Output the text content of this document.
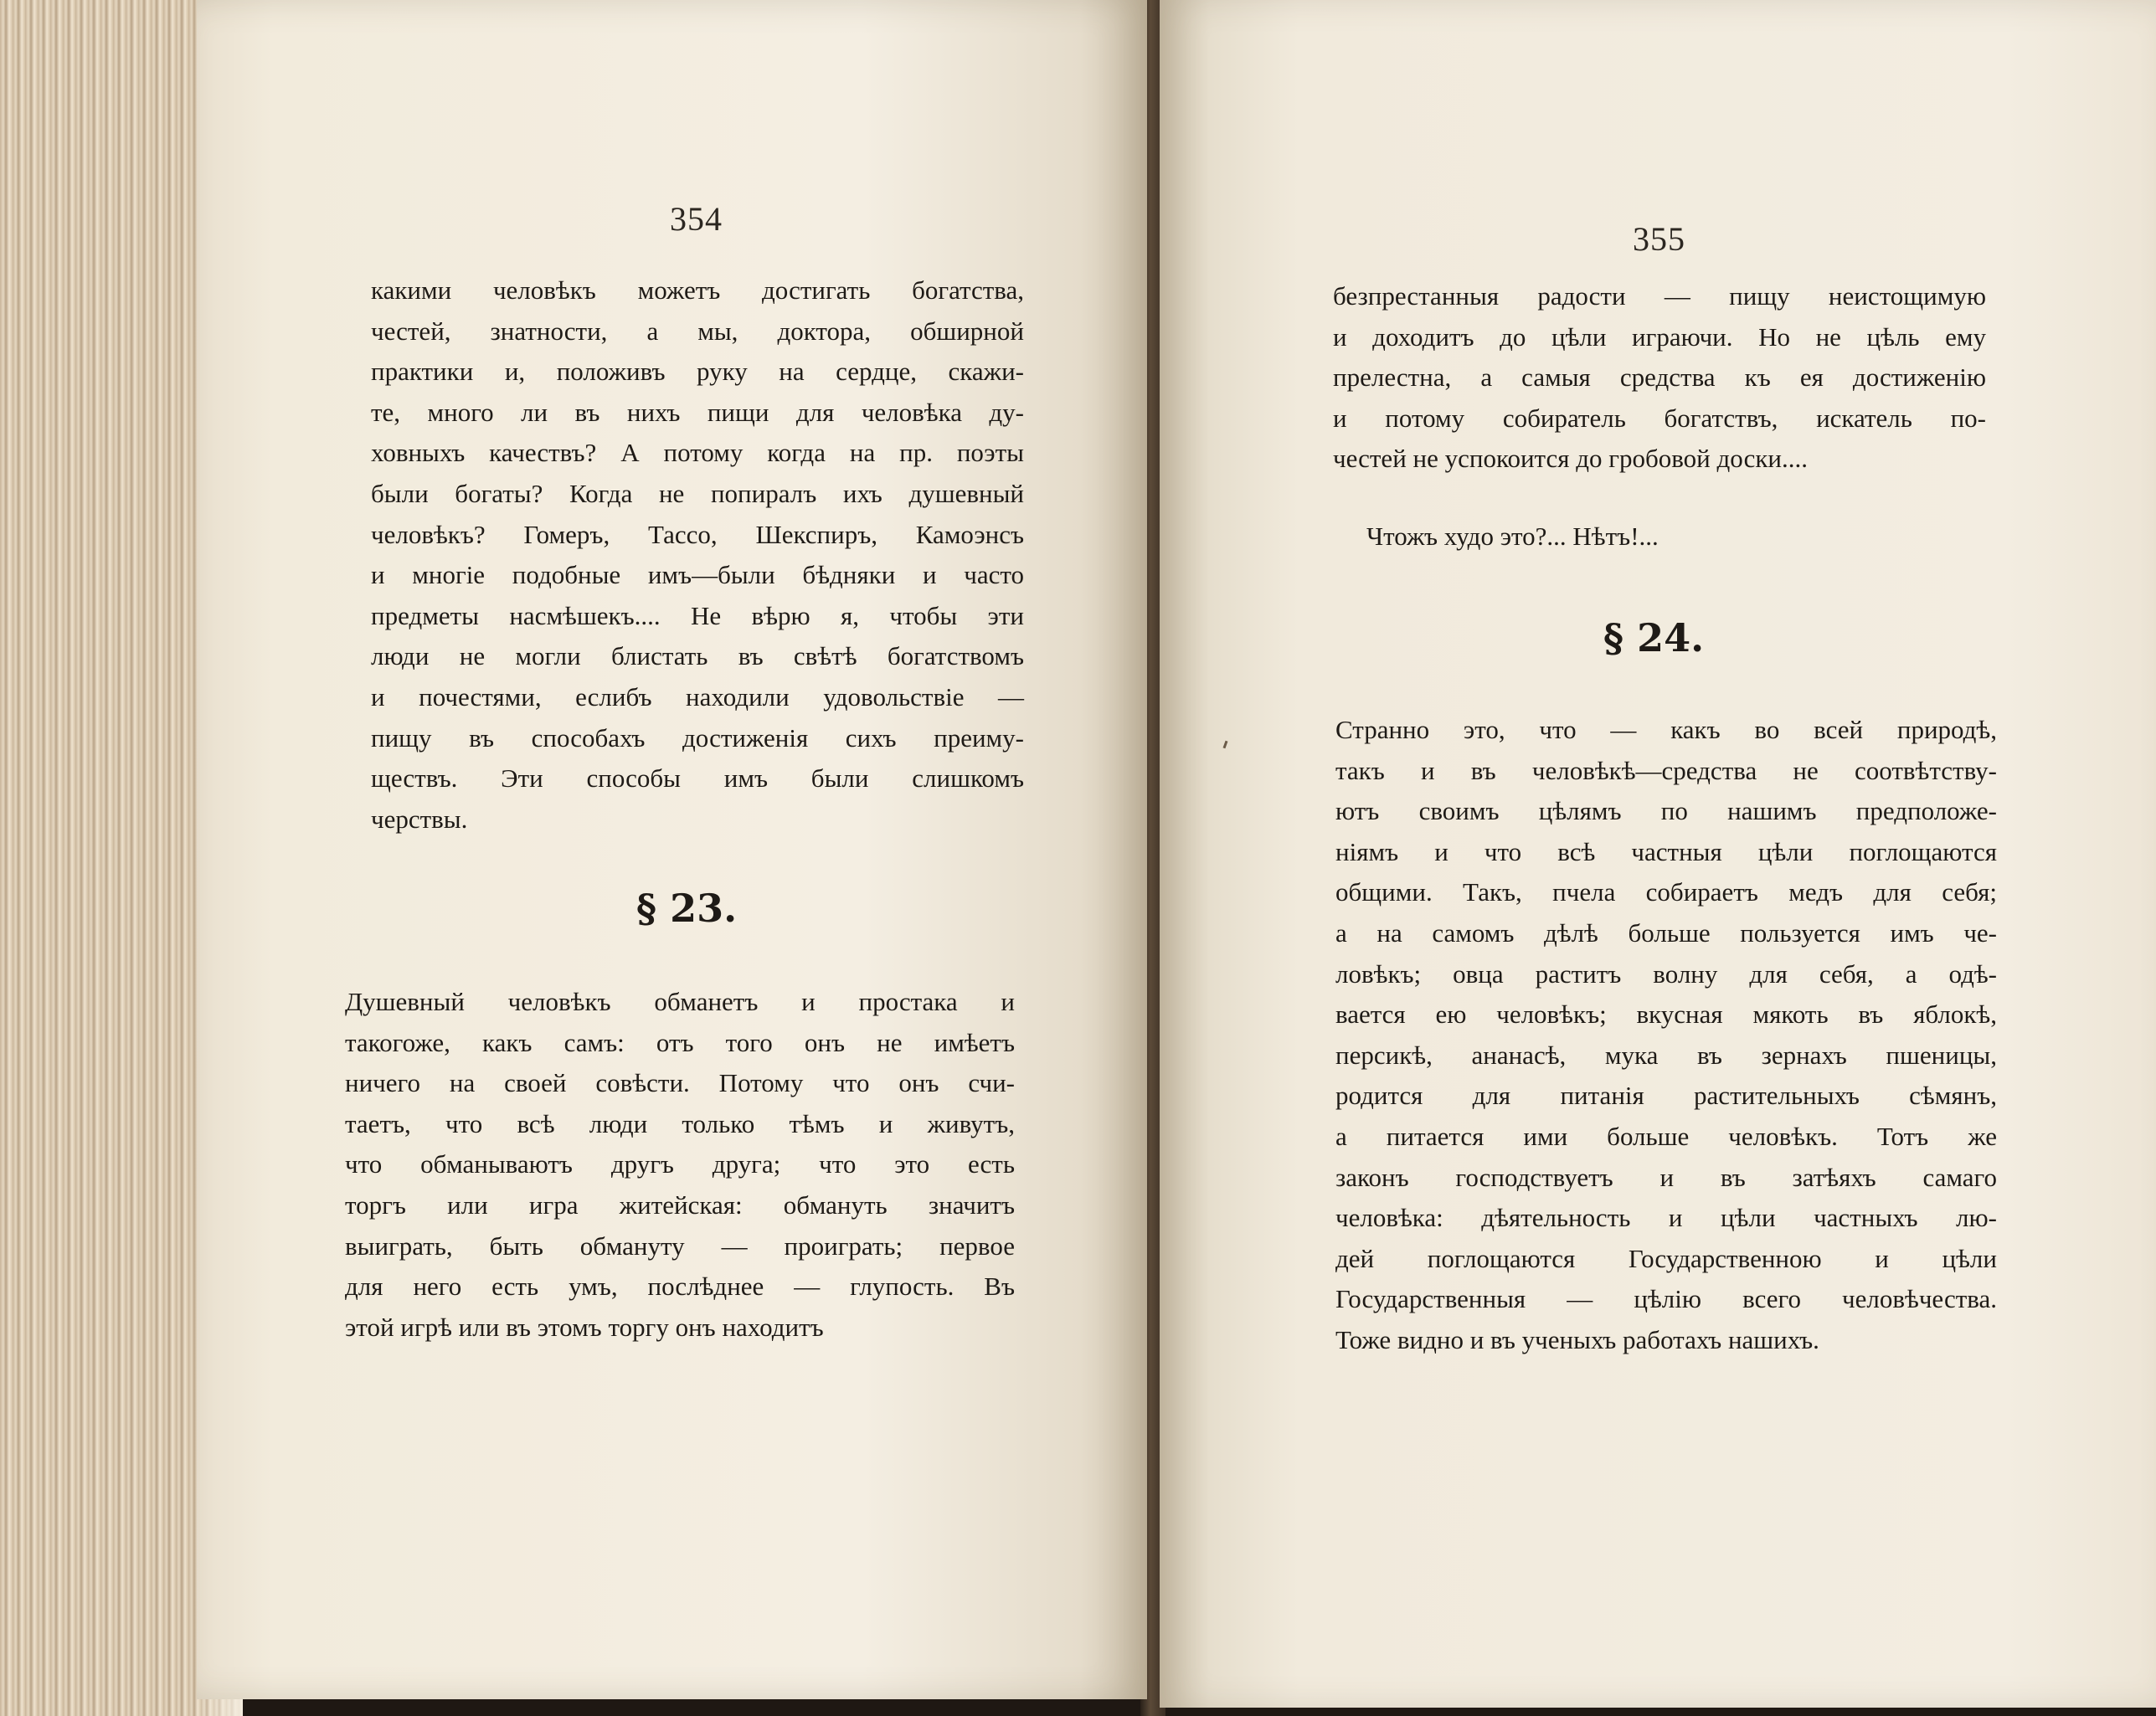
354
какими человѣкъ можетъ достигать богатства,
честей, знатности, а мы, доктора, обширной
практики и, положивъ руку на сердце, скажи-
те, много ли въ нихъ пищи для человѣка ду-
ховныхъ качествъ? А потому когда на пр. поэты
были богаты? Когда не попиралъ ихъ душевный
человѣкъ? Гомеръ, Тассо, Шекспиръ, Камоэнсъ
и многіе подобные имъ—были бѣдняки и часто
предметы насмѣшекъ.... Не вѣрю я, чтобы эти
люди не могли блистать въ свѣтѣ богатствомъ
и почестями, еслибъ находили удовольствіе —
пищу въ способахъ достиженія сихъ преиму-
ществъ. Эти способы имъ были слишкомъ
черствы.
§ 23.
Душевный человѣкъ обманетъ и простака и
такогоже, какъ самъ: отъ того онъ не имѣетъ
ничего на своей совѣсти. Потому что онъ счи-
таетъ, что всѣ люди только тѣмъ и живутъ,
что обманываютъ другъ друга; что это есть
торгъ или игра житейская: обмануть значитъ
выиграть, быть обмануту — проиграть; первое
для него есть умъ, послѣднее — глупость. Въ
этой игрѣ или въ этомъ торгу онъ находитъ
355
безпрестанныя радости — пищу неистощимую
и доходитъ до цѣли играючи. Но не цѣль ему
прелестна, а самыя средства къ ея достиженію
и потому собиратель богатствъ, искатель по-
честей не успокоится до гробовой доски....
Чтожъ худо это?... Нѣтъ!...
§ 24.
Странно это, что — какъ во всей природѣ,
такъ и въ человѣкѣ—средства не соотвѣтству-
ютъ своимъ цѣлямъ по нашимъ предположе-
ніямъ и что всѣ частныя цѣли поглощаются
общими. Такъ, пчела собираетъ медъ для себя;
а на самомъ дѣлѣ больше пользуется имъ че-
ловѣкъ; овца раститъ волну для себя, а одѣ-
вается ею человѣкъ; вкусная мякоть въ яблокѣ,
персикѣ, ананасѣ, мука въ зернахъ пшеницы,
родится для питанія растительныхъ сѣмянъ,
а питается ими больше человѣкъ. Тотъ же
законъ господствуетъ и въ затѣяхъ самаго
человѣка: дѣятельность и цѣли частныхъ лю-
дей поглощаются Государственною и цѣли
Государственныя — цѣлію всего человѣчества.
Тоже видно и въ ученыхъ работахъ нашихъ.
